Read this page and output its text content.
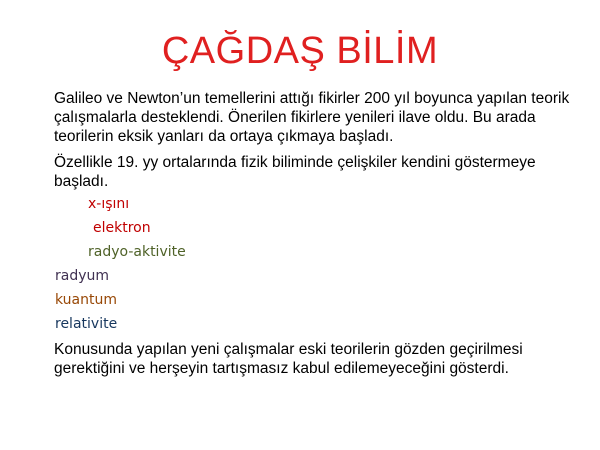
ÇAĞDAŞ BİLİM
Galileo ve Newton’un temellerini attığı fikirler 200 yıl boyunca yapılan teorik çalışmalarla desteklendi. Önerilen fikirlere yenileri ilave oldu. Bu arada teorilerin eksik yanları da ortaya çıkmaya başladı.
Özellikle 19. yy ortalarında fizik biliminde çelişkiler kendini göstermeye başladı.
x-ışını
elektron
radyo-aktivite
radyum
kuantum
relativite
Konusunda yapılan yeni çalışmalar eski teorilerin gözden geçirilmesi gerektiğini ve herşeyin tartışmasız kabul edilemeyeceğini gösterdi.
